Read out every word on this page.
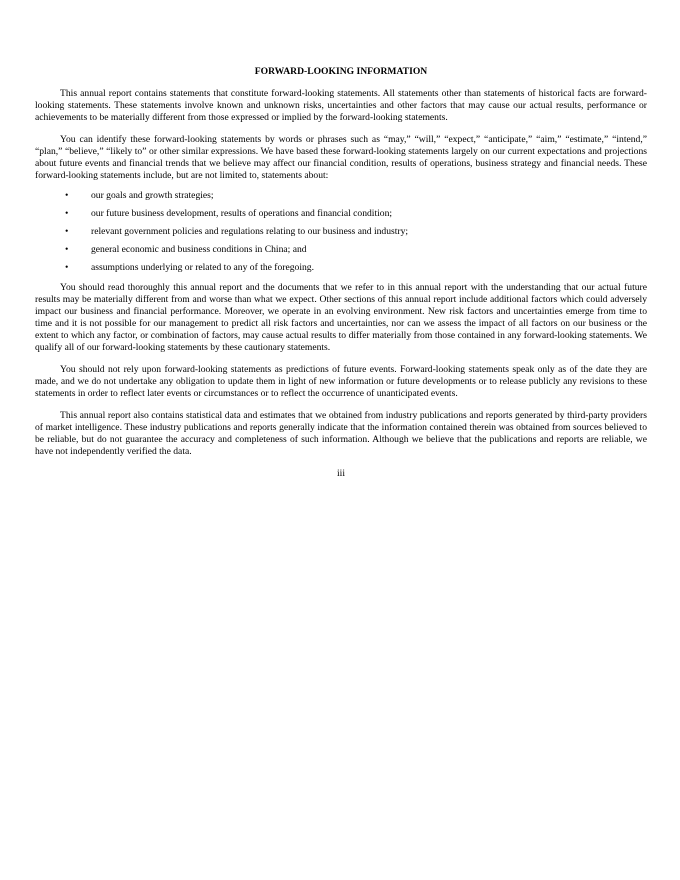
FORWARD-LOOKING INFORMATION

This annual report contains statements that constitute forward-looking statements. All statements other than statements of historical facts are forward-looking statements. These statements involve known and unknown risks, uncertainties and other factors that may cause our actual results, performance or achievements to be materially different from those expressed or implied by the forward-looking statements.

You can identify these forward-looking statements by words or phrases such as “may,” “will,” “expect,” “anticipate,” “aim,” “estimate,” “intend,” “plan,” “believe,” “likely to” or other similar expressions. We have based these forward-looking statements largely on our current expectations and projections about future events and financial trends that we believe may affect our financial condition, results of operations, business strategy and financial needs. These forward-looking statements include, but are not limited to, statements about:

• our goals and growth strategies;
• our future business development, results of operations and financial condition;
• relevant government policies and regulations relating to our business and industry;
• general economic and business conditions in China; and
• assumptions underlying or related to any of the foregoing.

You should read thoroughly this annual report and the documents that we refer to in this annual report with the understanding that our actual future results may be materially different from and worse than what we expect. Other sections of this annual report include additional factors which could adversely impact our business and financial performance. Moreover, we operate in an evolving environment. New risk factors and uncertainties emerge from time to time and it is not possible for our management to predict all risk factors and uncertainties, nor can we assess the impact of all factors on our business or the extent to which any factor, or combination of factors, may cause actual results to differ materially from those contained in any forward-looking statements. We qualify all of our forward-looking statements by these cautionary statements.

You should not rely upon forward-looking statements as predictions of future events. Forward-looking statements speak only as of the date they are made, and we do not undertake any obligation to update them in light of new information or future developments or to release publicly any revisions to these statements in order to reflect later events or circumstances or to reflect the occurrence of unanticipated events.

This annual report also contains statistical data and estimates that we obtained from industry publications and reports generated by third-party providers of market intelligence. These industry publications and reports generally indicate that the information contained therein was obtained from sources believed to be reliable, but do not guarantee the accuracy and completeness of such information. Although we believe that the publications and reports are reliable, we have not independently verified the data.

iii
